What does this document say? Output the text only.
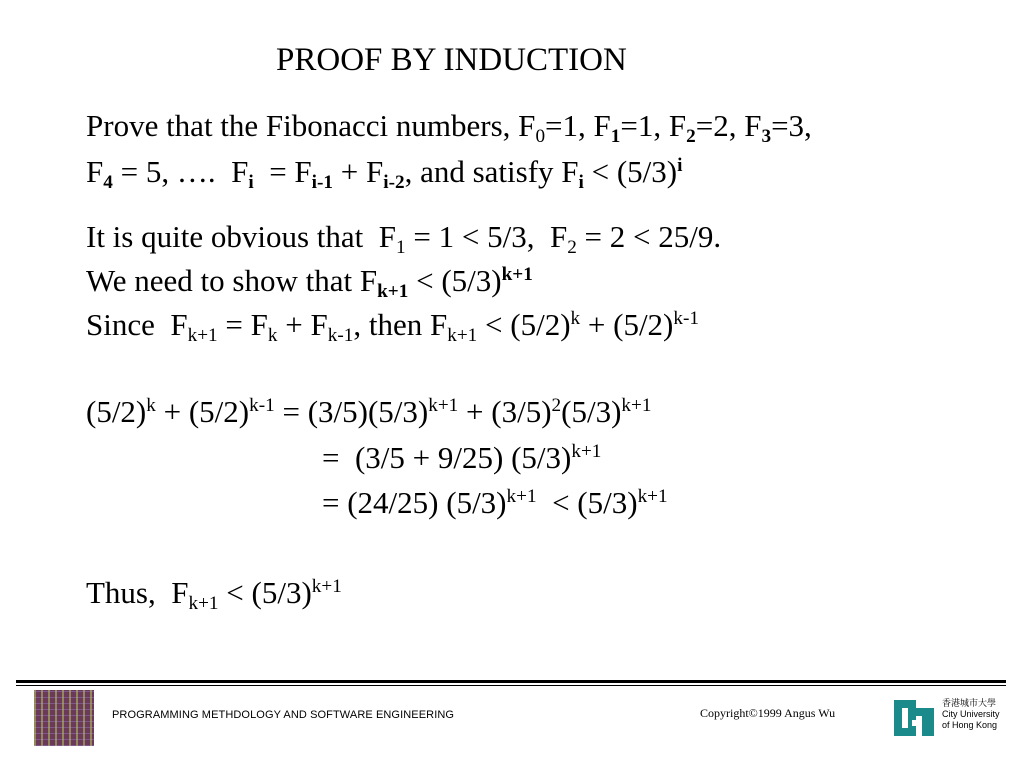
PROOF BY INDUCTION
Prove that the Fibonacci numbers, $F_0=1$, $F_1=1$, $F_2=2$, $F_3=3$,
$F_4 = 5$, ….  $F_i = F_{i-1} + F_{i-2}$, and satisfy $F_i < (5/3)^i$
It is quite obvious that  $F_1 = 1 < 5/3$,  $F_2 = 2 < 25/9$.
We need to show that $F_{k+1} < (5/3)^{k+1}$
Since  $F_{k+1} = F_k + F_{k-1}$, then $F_{k+1} < (5/2)^k + (5/2)^{k-1}$
$(5/2)^k + (5/2)^{k-1} = (3/5)(5/3)^{k+1} + (3/5)^2(5/3)^{k+1}$
=  (3/5 + 9/25) $(5/3)^{k+1}$
= (24/25) $(5/3)^{k+1} < (5/3)^{k+1}$
Thus,  $F_{k+1} < (5/3)^{k+1}$
PROGRAMMING METHDOLOGY AND SOFTWARE ENGINEERING	Copyright©1999 Angus Wu
香港城市大學
City University
of Hong Kong
